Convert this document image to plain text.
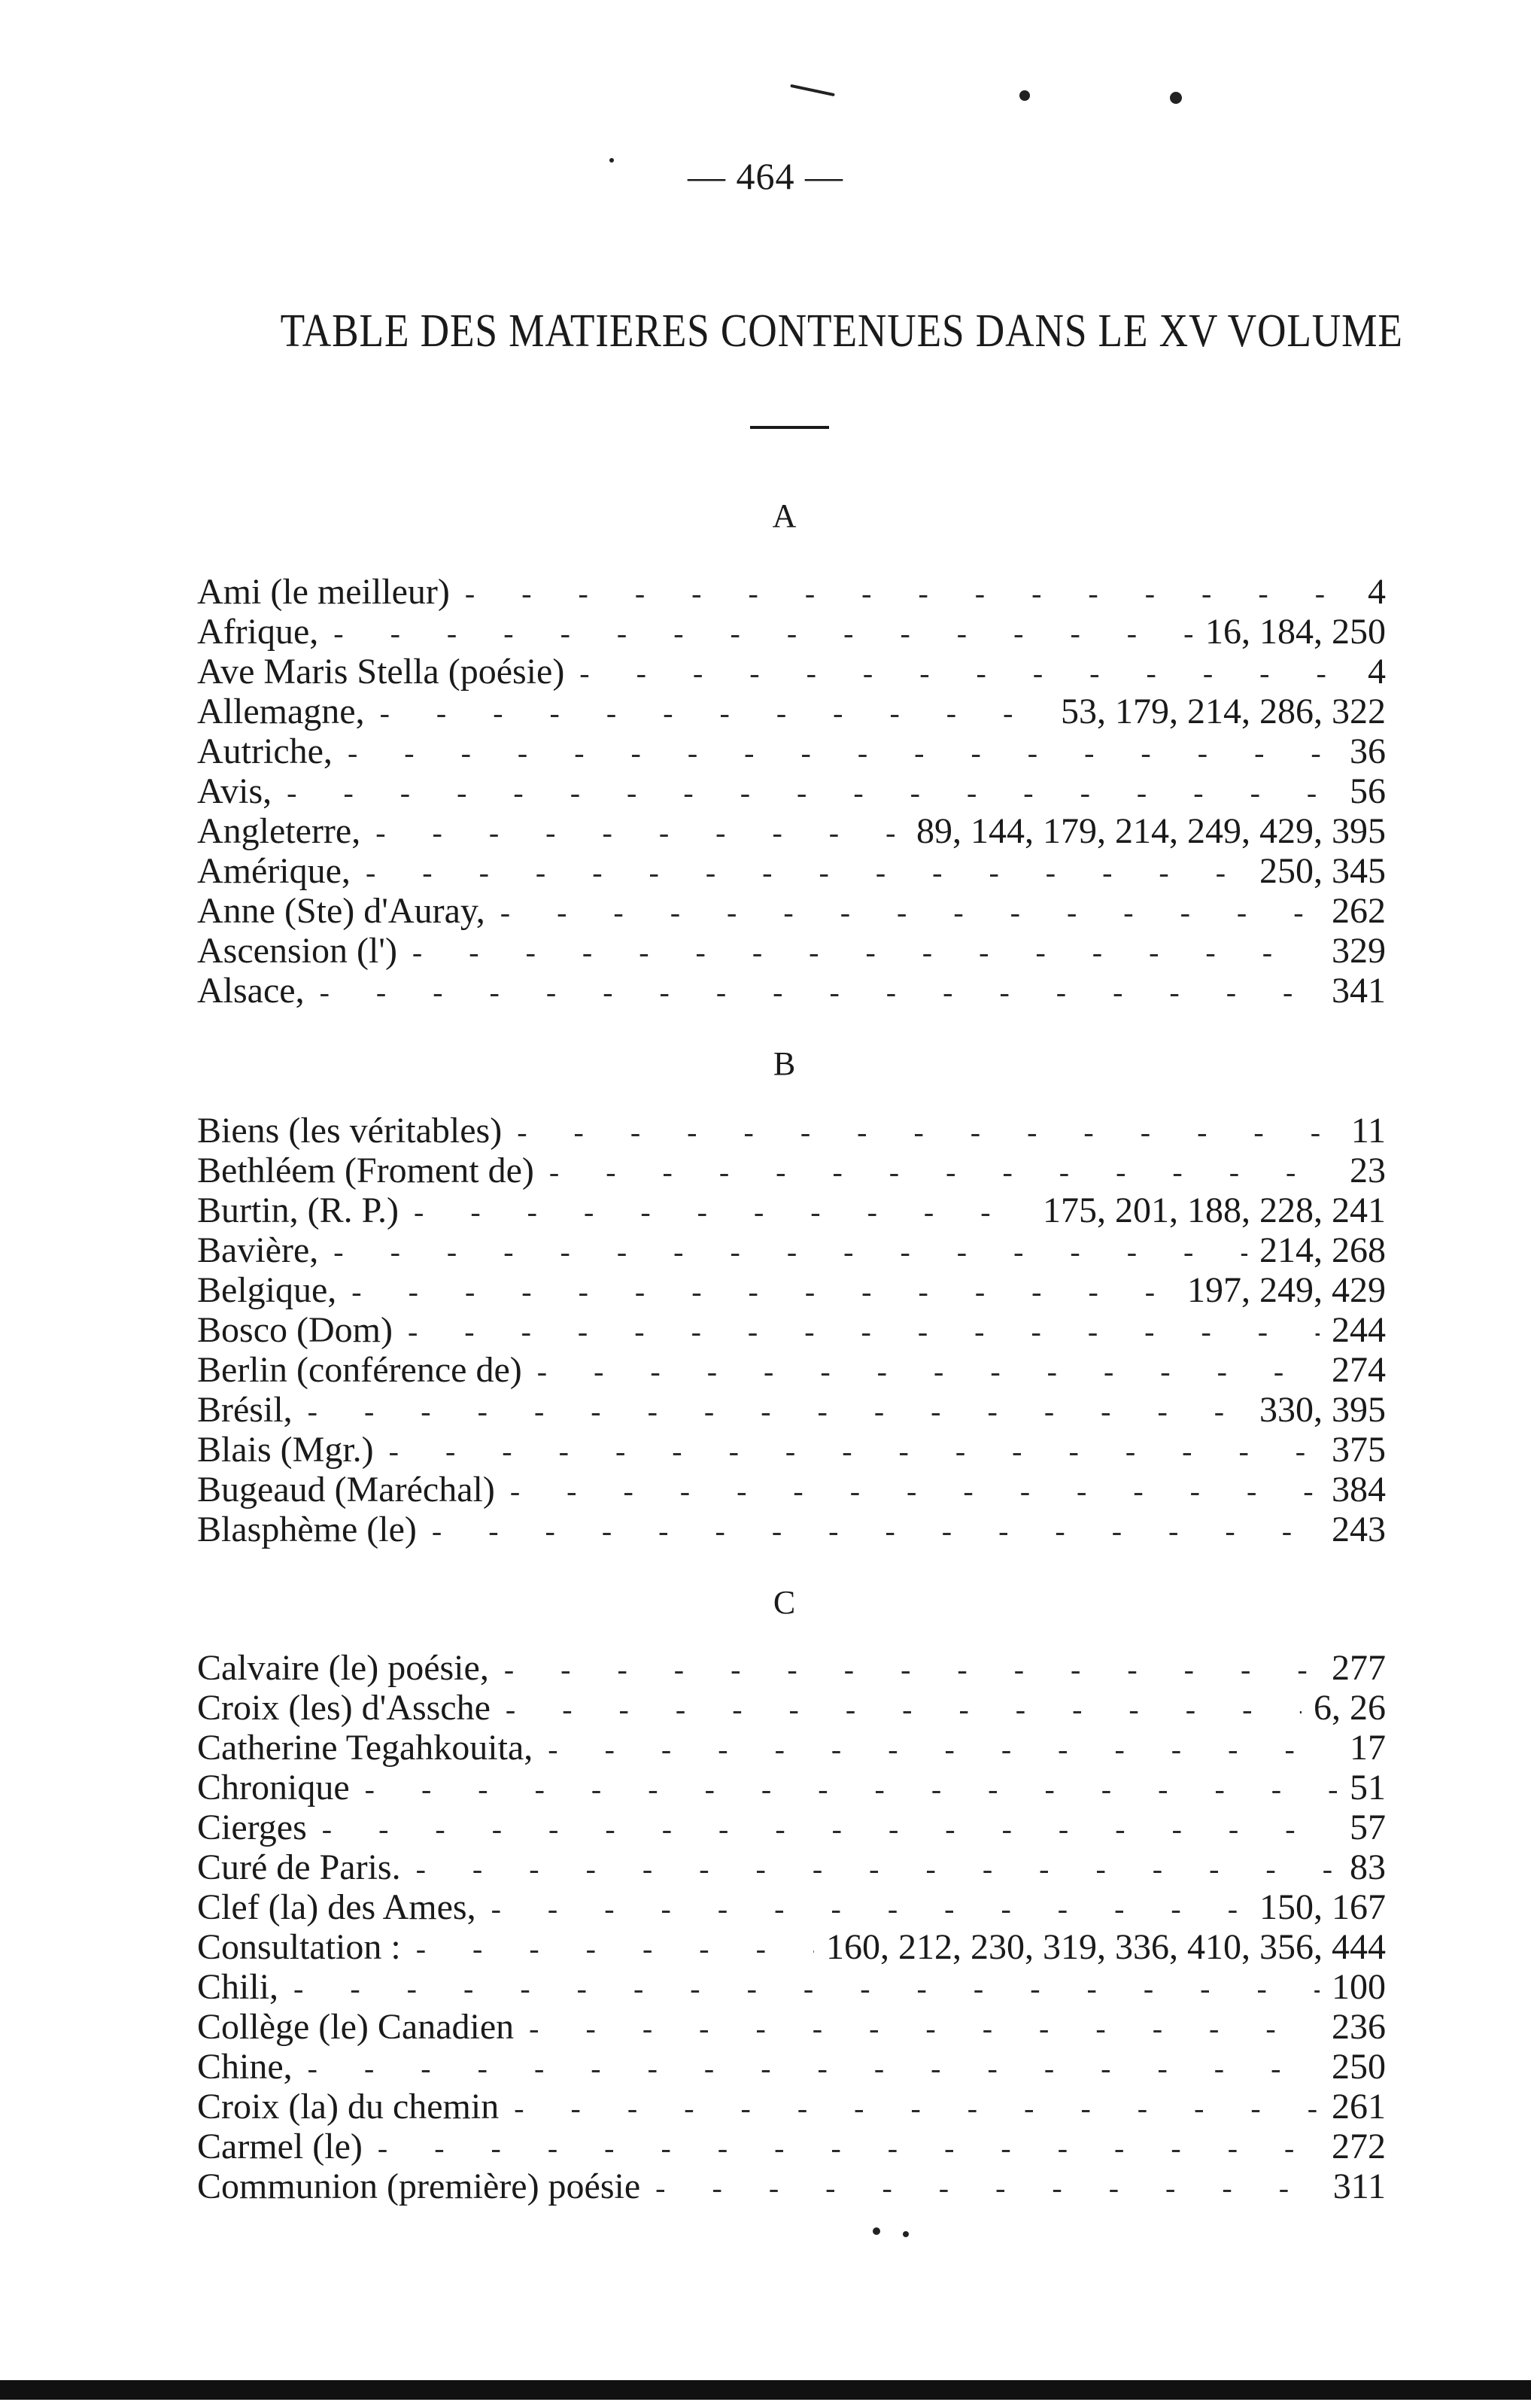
— 464 —
TABLE DES MATIERES CONTENUES DANS LE XV VOLUME
A
Ami (le meilleur) - - -	4
Afrique, - - -	16, 184, 250
Ave Maris Stella (poésie) - - -	4
Allemagne, - - -	53, 179, 214, 286, 322
Autriche, - - -	36
Avis, - - -	56
Angleterre, - - -	89, 144, 179, 214, 249, 429, 395
Amérique, - - -	250, 345
Anne (Ste) d'Auray, - - -	262
Ascension (l') - - -	329
Alsace, - - -	341
B
Biens (les véritables) - - -	11
Bethléem (Froment de) - - -	23
Burtin, (R. P.) - - -	175, 201, 188, 228, 241
Bavière, - - -	214, 268
Belgique, - - -	197, 249, 429
Bosco (Dom) - - -	244
Berlin (conférence de) - - -	274
Brésil, - - -	330, 395
Blais (Mgr.) - - -	375
Bugeaud (Maréchal) - - -	384
Blasphème (le) - - -	243
C
Calvaire (le) poésie, - - -	277
Croix (les) d'Assche - - -	6, 26
Catherine Tegahkouita, - - -	17
Chronique - - -	51
Cierges - - -	57
Curé de Paris. - - -	83
Clef (la) des Ames, - - -	150, 167
Consultation : - - -	160, 212, 230, 319, 336, 410, 356, 444
Chili, - - -	100
Collège (le) Canadien - - -	236
Chine, - - -	250
Croix (la) du chemin - - -	261
Carmel (le) - - -	272
Communion (première) poésie - - -	311
